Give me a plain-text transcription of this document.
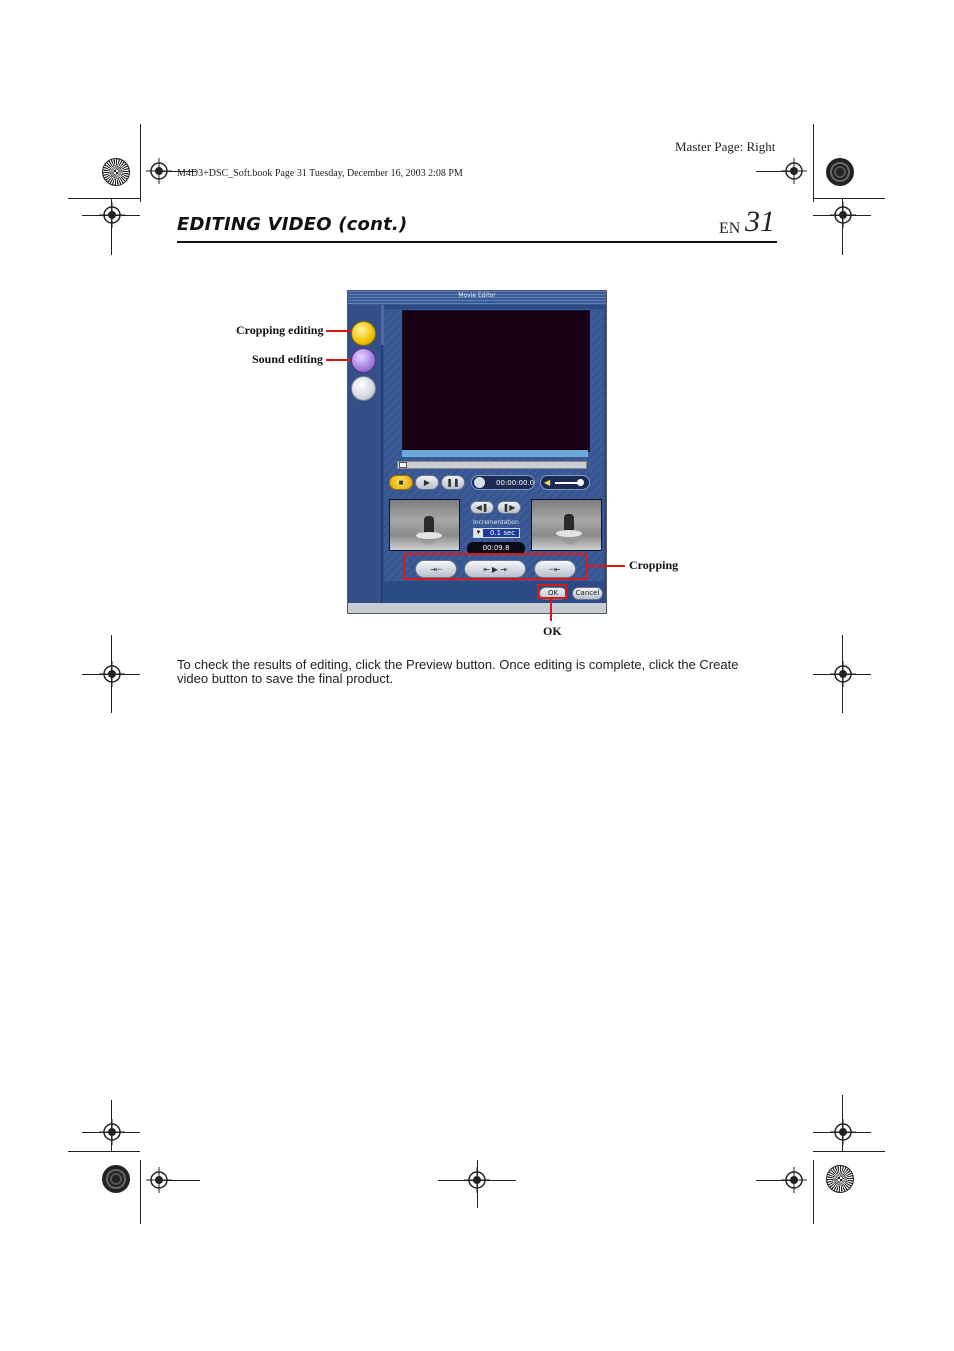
Master Page: Right
M4D3+DSC_Soft.book Page 31 Tuesday, December 16, 2003 2:08 PM
EDITING VIDEO (cont.)	EN 31
Movie Editor
■	▶	❚❚	00:00:00.0 ◀
◀❚	❚▶
Incrementation
▼ 0.1 sec
00:09.8
⇥┄	⇤ ▶ ⇥	┄⇤
OK	Cancel
Cropping editing
Sound editing
Cropping
OK
To check the results of editing, click the Preview button. Once editing is complete, click the Create video button to save the final product.
